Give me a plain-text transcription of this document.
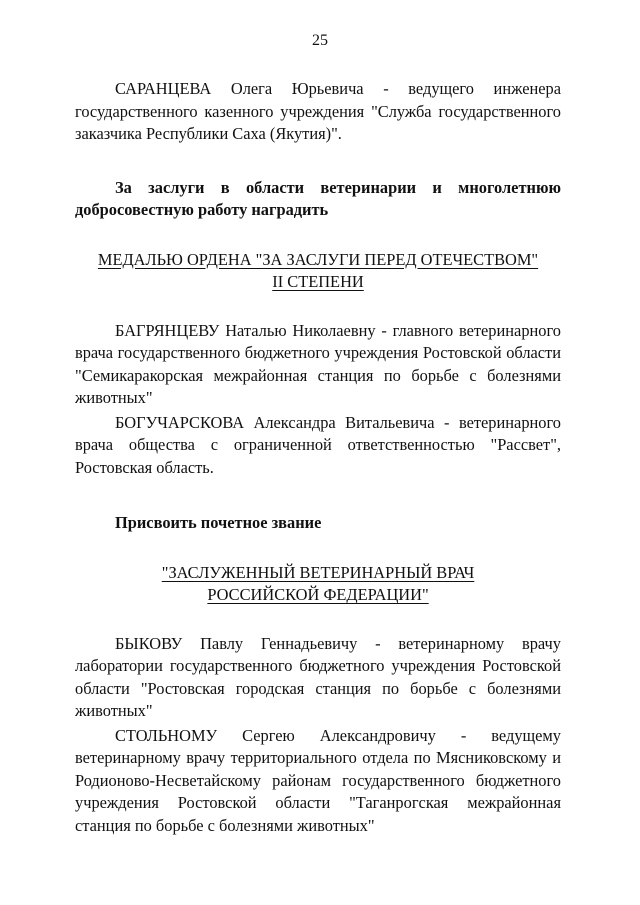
25

САРАНЦЕВА Олега Юрьевича - ведущего инженера государственного казенного учреждения "Служба государственного заказчика Республики Саха (Якутия)".

За заслуги в области ветеринарии и многолетнюю добросовестную работу наградить

МЕДАЛЬЮ ОРДЕНА "ЗА ЗАСЛУГИ ПЕРЕД ОТЕЧЕСТВОМ"
II СТЕПЕНИ

БАГРЯНЦЕВУ Наталью Николаевну - главного ветеринарного врача государственного бюджетного учреждения Ростовской области "Семикаракорская межрайонная станция по борьбе с болезнями животных"

БОГУЧАРСКОВА Александра Витальевича - ветеринарного врача общества с ограниченной ответственностью "Рассвет", Ростовская область.

Присвоить почетное звание

"ЗАСЛУЖЕННЫЙ ВЕТЕРИНАРНЫЙ ВРАЧ
РОССИЙСКОЙ ФЕДЕРАЦИИ"

БЫКОВУ Павлу Геннадьевичу - ветеринарному врачу лаборатории государственного бюджетного учреждения Ростовской области "Ростовская городская станция по борьбе с болезнями животных"

СТОЛЬНОМУ Сергею Александровичу - ведущему ветеринарному врачу территориального отдела по Мясниковскому и Родионово-Несветайскому районам государственного бюджетного учреждения Ростовской области "Таганрогская межрайонная станция по борьбе с болезнями животных"
